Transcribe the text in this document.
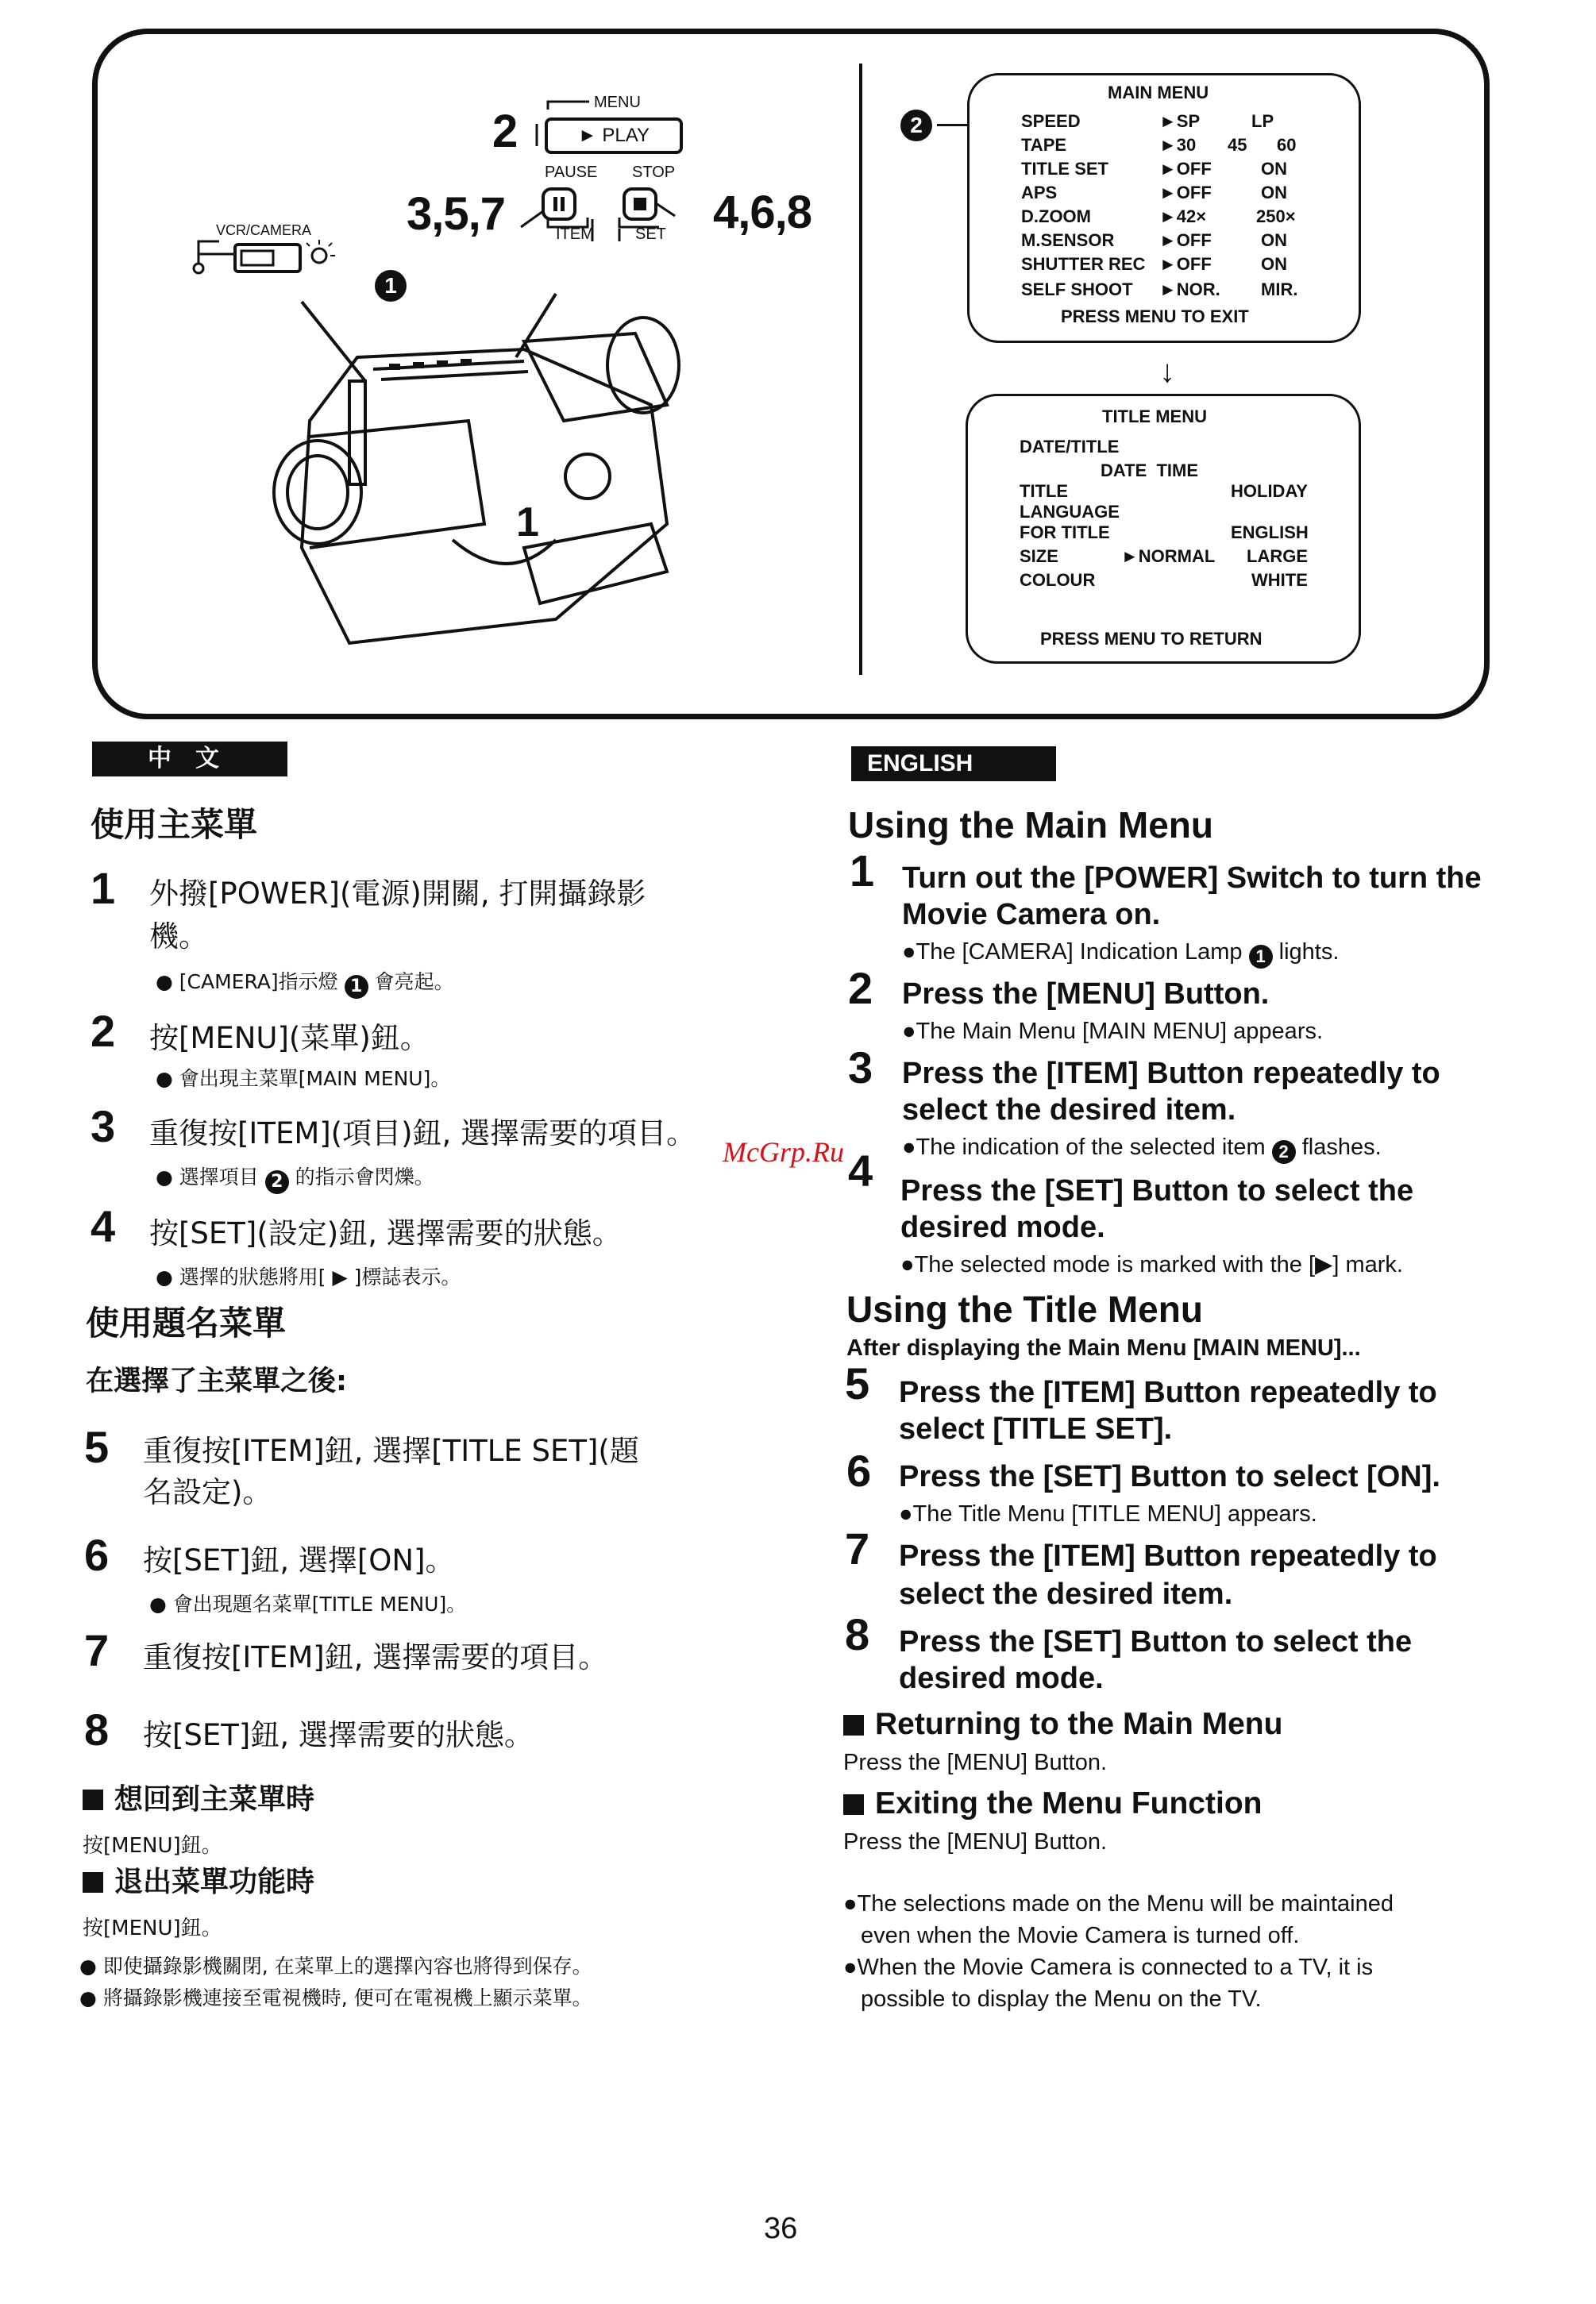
2
MENU
► PLAY
PAUSE STOP
3,5,7	ITEM	SET 4,6,8
VCR/CAMERA
1
1
2
MAIN MENU
SPEED	►SP	LP
TAPE	►30 45 60
TITLE SET	►OFF	ON
APS	►OFF	ON
D.ZOOM	►42×	250×
M.SENSOR	►OFF	ON
SHUTTER REC ►OFF	ON
SELF SHOOT ►NOR. MIR.
PRESS MENU TO EXIT
↓
TITLE MENU
DATE/TITLE
DATE  TIME
TITLE	HOLIDAY
LANGUAGE
FOR TITLE	ENGLISH
SIZE	►NORMAL LARGE
COLOUR	WHITE
PRESS MENU TO RETURN
中　文
使用主菜單
1 外撥[POWER](電源)開關, 打開攝錄影
機。
● [CAMERA]指示燈 1 會亮起。
2 按[MENU](菜單)鈕。
● 會出現主菜單[MAIN MENU]。
3 重復按[ITEM](項目)鈕, 選擇需要的項目。
● 選擇項目 2 的指示會閃爍。
4 按[SET](設定)鈕, 選擇需要的狀態。
● 選擇的狀態將用[ ▶ ]標誌表示。
使用題名菜單
在選擇了主菜單之後:
5 重復按[ITEM]鈕, 選擇[TITLE SET](題
名設定)。
6 按[SET]鈕, 選擇[ON]。
● 會出現題名菜單[TITLE MENU]。
7 重復按[ITEM]鈕, 選擇需要的項目。
8 按[SET]鈕, 選擇需要的狀態。
想回到主菜單時
按[MENU]鈕。
退出菜單功能時
按[MENU]鈕。
● 即使攝錄影機關閉, 在菜單上的選擇內容也將得到保存。
● 將攝錄影機連接至電視機時, 便可在電視機上顯示菜單。
McGrp.Ru
ENGLISH
Using the Main Menu
1 Turn out the [POWER] Switch to turn the
Movie Camera on.
●The [CAMERA] Indication Lamp 1 lights.
2 Press the [MENU] Button.
●The Main Menu [MAIN MENU] appears.
3 Press the [ITEM] Button repeatedly to
select the desired item.
●The indication of the selected item 2 flashes.
4 Press the [SET] Button to select the
desired mode.
●The selected mode is marked with the [▶] mark.
Using the Title Menu
After displaying the Main Menu [MAIN MENU]...
5 Press the [ITEM] Button repeatedly to
select [TITLE SET].
6 Press the [SET] Button to select [ON].
●The Title Menu [TITLE MENU] appears.
7 Press the [ITEM] Button repeatedly to
select the desired item.
8 Press the [SET] Button to select the
desired mode.
Returning to the Main Menu
Press the [MENU] Button.
Exiting the Menu Function
Press the [MENU] Button.
●The selections made on the Menu will be maintained
even when the Movie Camera is turned off.
●When the Movie Camera is connected to a TV, it is
possible to display the Menu on the TV.
36
